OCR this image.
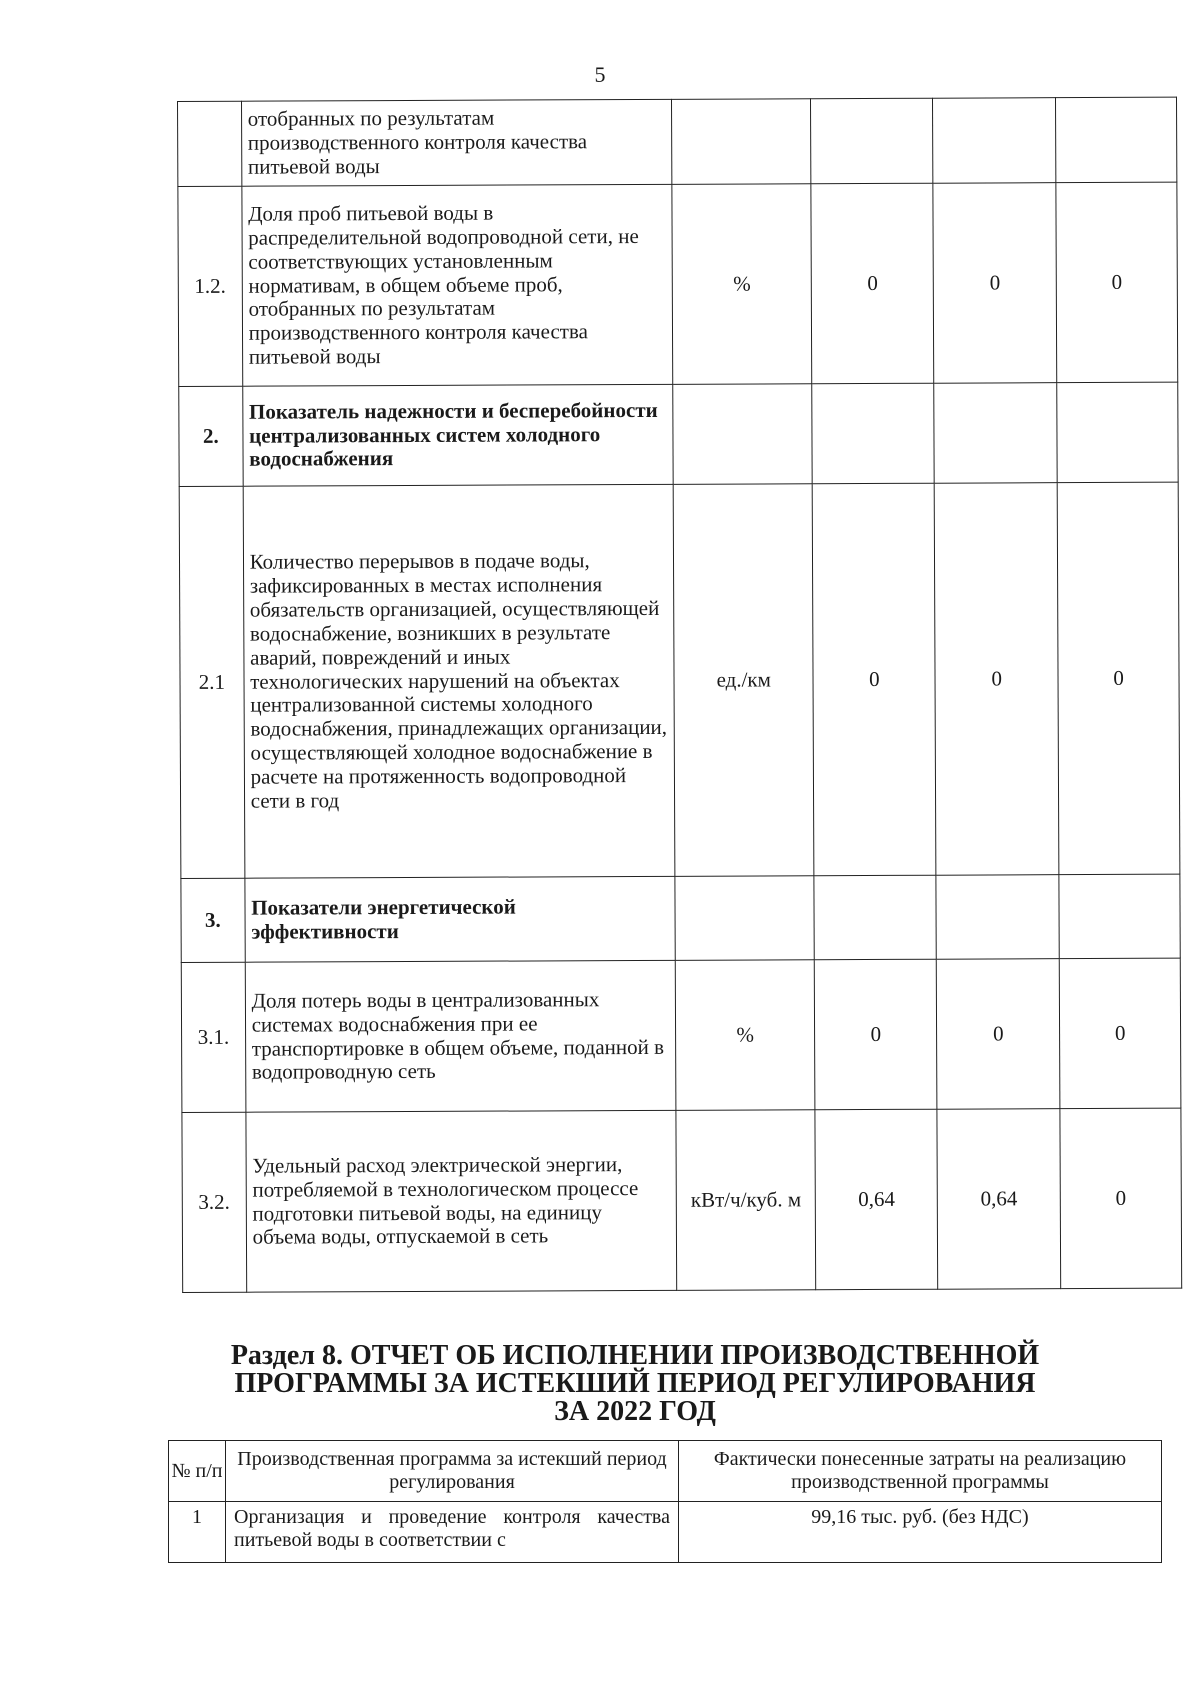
5
	отобранных по результатам производственного контроля качества питьевой воды				
1.2.	Доля проб питьевой воды в распределительной водопроводной сети, не соответствующих установленным нормативам, в общем объеме проб, отобранных по результатам производственного контроля качества питьевой воды	%	0	0	0
2.	Показатель надежности и бесперебойности централизованных систем холодного водоснабжения				
2.1	Количество перерывов в подаче воды, зафиксированных в местах исполнения обязательств организацией, осуществляющей водоснабжение, возникших в результате аварий, повреждений и иных технологических нарушений на объектах централизованной системы холодного водоснабжения, принадлежащих организации, осуществляющей холодное водоснабжение в расчете на протяженность водопроводной сети в год	ед./км	0	0	0
3.	Показатели энергетической эффективности				
3.1.	Доля потерь воды в централизованных системах водоснабжения при ее транспортировке в общем объеме, поданной в водопроводную сеть	%	0	0	0
3.2.	Удельный расход электрической энергии, потребляемой в технологическом процессе подготовки питьевой воды, на единицу объема воды, отпускаемой в сеть	кВт/ч/куб. м	0,64	0,64	0
Раздел 8. ОТЧЕТ ОБ ИСПОЛНЕНИИ ПРОИЗВОДСТВЕННОЙ
ПРОГРАММЫ ЗА ИСТЕКШИЙ ПЕРИОД РЕГУЛИРОВАНИЯ
ЗА 2022 ГОД
№ п/п	Производственная программа за истекший период регулирования	Фактически понесенные затраты на реализацию производственной программы
1	Организация и проведение контроля качества питьевой воды в соответствии с	99,16 тыс. руб. (без НДС)
